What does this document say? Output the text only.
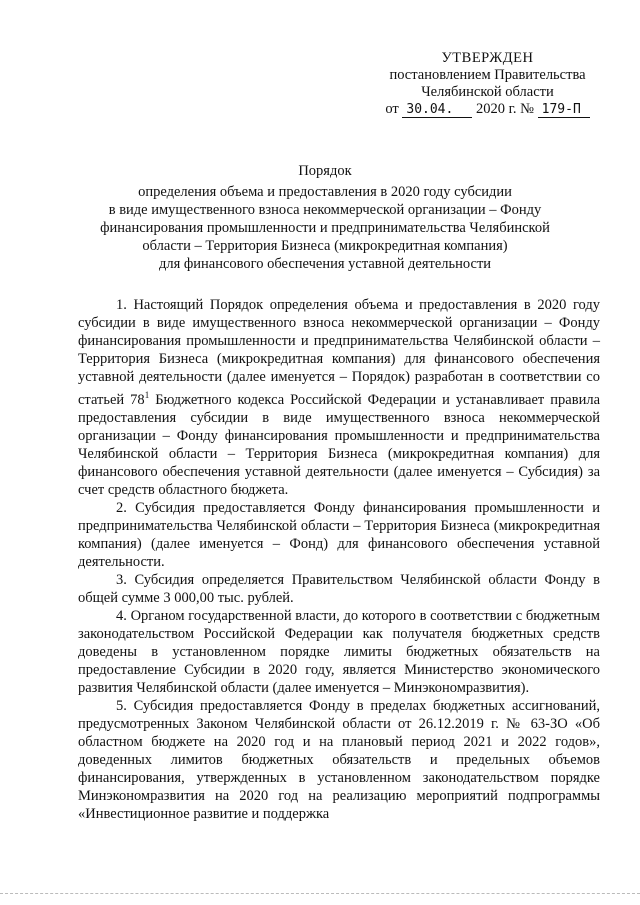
УТВЕРЖДЕН
постановлением Правительства
Челябинской области
от 30.04. 2020 г. № 179-П
Порядок
определения объема и предоставления в 2020 году субсидии
в виде имущественного взноса некоммерческой организации – Фонду
финансирования промышленности и предпринимательства Челябинской
области – Территория Бизнеса (микрокредитная компания)
для финансового обеспечения уставной деятельности

1. Настоящий Порядок определения объема и предоставления в 2020 году субсидии в виде имущественного взноса некоммерческой организации – Фонду финансирования промышленности и предпринимательства Челябинской области – Территория Бизнеса (микрокредитная компания) для финансового обеспечения уставной деятельности (далее именуется – Порядок) разработан в соответствии со статьей $78^1$ Бюджетного кодекса Российской Федерации и устанавливает правила предоставления субсидии в виде имущественного взноса некоммерческой организации – Фонду финансирования промышленности и предпринимательства Челябинской области – Территория Бизнеса (микрокредитная компания) для финансового обеспечения уставной деятельности (далее именуется – Субсидия) за счет средств областного бюджета.

2. Субсидия предоставляется Фонду финансирования промышленности и предпринимательства Челябинской области – Территория Бизнеса (микрокредитная компания) (далее именуется – Фонд) для финансового обеспечения уставной деятельности.

3. Субсидия определяется Правительством Челябинской области Фонду в общей сумме 3 000,00 тыс. рублей.

4. Органом государственной власти, до которого в соответствии с бюджетным законодательством Российской Федерации как получателя бюджетных средств доведены в установленном порядке лимиты бюджетных обязательств на предоставление Субсидии в 2020 году, является Министерство экономического развития Челябинской области (далее именуется – Минэкономразвития).

5. Субсидия предоставляется Фонду в пределах бюджетных ассигнований, предусмотренных Законом Челябинской области от 26.12.2019 г. № 63-ЗО «Об областном бюджете на 2020 год и на плановый период 2021 и 2022 годов», доведенных лимитов бюджетных обязательств и предельных объемов финансирования, утвержденных в установленном законодательством порядке Минэкономразвития на 2020 год на реализацию мероприятий подпрограммы «Инвестиционное развитие и поддержка
